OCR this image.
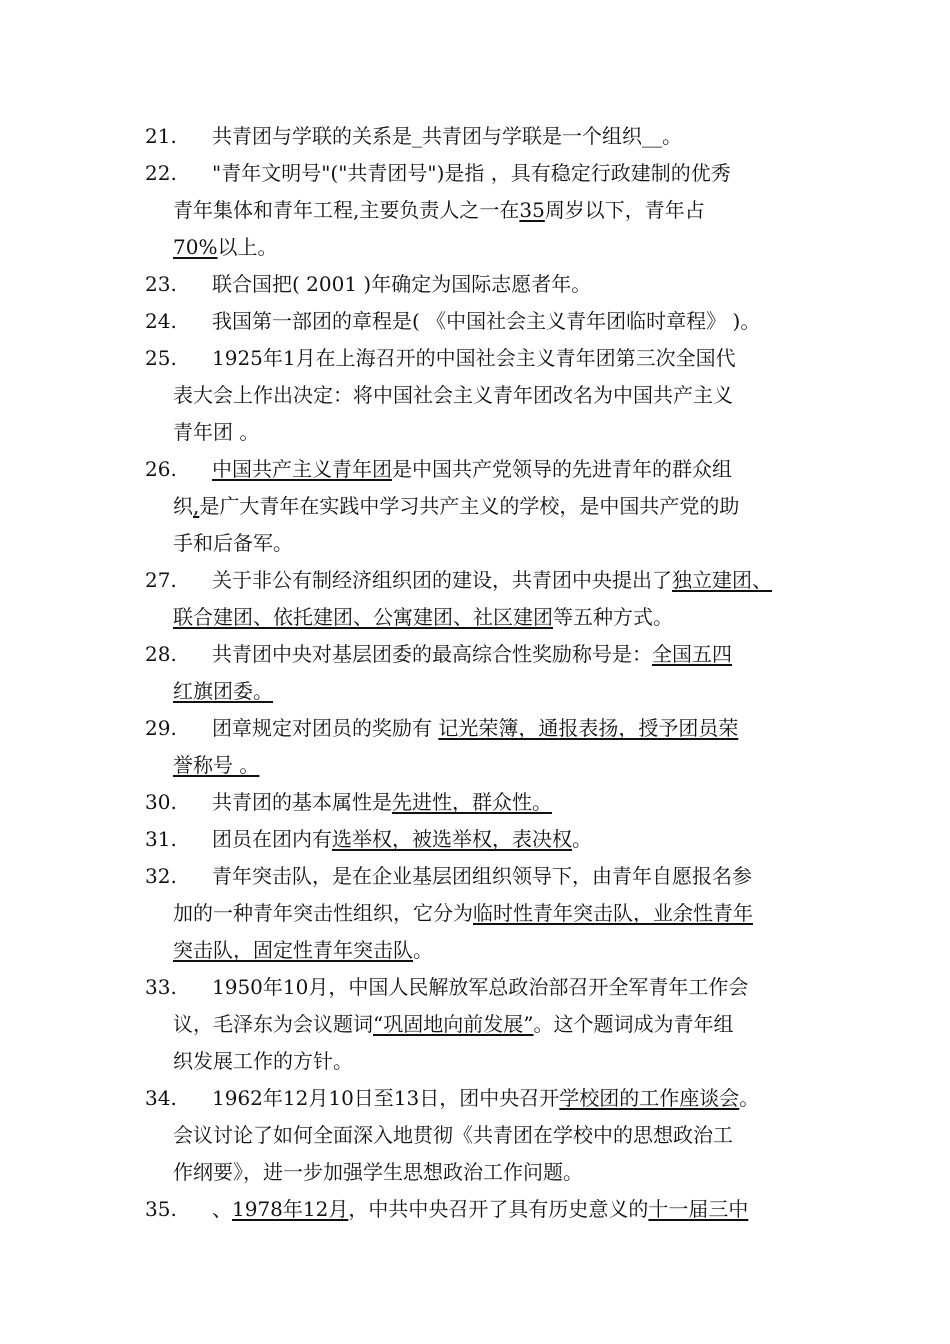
21. 共青团与学联的关系是_共青团与学联是一个组织__。
22. "青年文明号"("共青团号")是指 ，具有稳定行政建制的优秀
青年集体和青年工程,主要负责人之一在35周岁以下，青年占
70%以上。
23. 联合国把( 2001 )年确定为国际志愿者年。
24. 我国第一部团的章程是( 《中国社会主义青年团临时章程》 )。
25. 1925年1月在上海召开的中国社会主义青年团第三次全国代
表大会上作出决定：将中国社会主义青年团改名为中国共产主义
青年团 。
26. 中国共产主义青年团是中国共产党领导的先进青年的群众组
织,是广大青年在实践中学习共产主义的学校，是中国共产党的助
手和后备军。
27. 关于非公有制经济组织团的建设，共青团中央提出了独立建团、
联合建团、依托建团、公寓建团、社区建团等五种方式。
28. 共青团中央对基层团委的最高综合性奖励称号是：全国五四
红旗团委。
29. 团章规定对团员的奖励有 记光荣簿，通报表扬，授予团员荣
誉称号 。
30. 共青团的基本属性是先进性，群众性。
31. 团员在团内有选举权，被选举权，表决权。
32. 青年突击队，是在企业基层团组织领导下，由青年自愿报名参
加的一种青年突击性组织，它分为临时性青年突击队，业余性青年
突击队，固定性青年突击队。
33. 1950年10月，中国人民解放军总政治部召开全军青年工作会
议，毛泽东为会议题词“巩固地向前发展”。这个题词成为青年组
织发展工作的方针。
34. 1962年12月10日至13日，团中央召开学校团的工作座谈会。
会议讨论了如何全面深入地贯彻《共青团在学校中的思想政治工
作纲要》，进一步加强学生思想政治工作问题。
35. 、1978年12月，中共中央召开了具有历史意义的十一届三中
